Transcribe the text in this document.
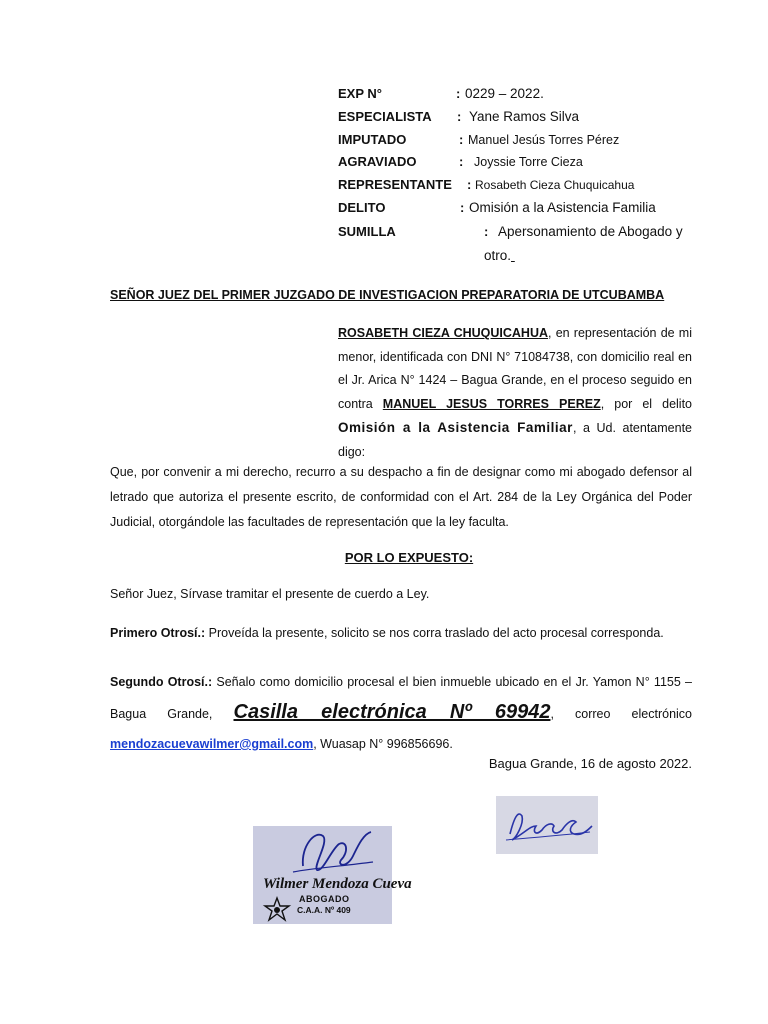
EXP N°	: 0229 – 2022.
ESPECIALISTA : Yane Ramos Silva
IMPUTADO	: Manuel Jesús Torres Pérez
AGRAVIADO	: Joyssie Torre Cieza
REPRESENTANTE : Rosabeth Cieza Chuquicahua
DELITO	: Omisión a la Asistencia Familia
SUMILLA	: Apersonamiento de Abogado y
otro.
SEÑOR JUEZ DEL PRIMER JUZGADO DE INVESTIGACION PREPARATORIA DE UTCUBAMBA
ROSABETH CIEZA CHUQUICAHUA, en representación de mi menor, identificada con DNI N° 71084738, con domicilio real en el Jr. Arica N° 1424 – Bagua Grande, en el proceso seguido en contra MANUEL JESUS TORRES PEREZ, por el delito Omisión a la Asistencia Familiar, a Ud. atentamente digo:
Que, por convenir a mi derecho, recurro a su despacho a fin de designar como mi abogado defensor al letrado que autoriza el presente escrito, de conformidad con el Art. 284 de la Ley Orgánica del Poder Judicial, otorgándole las facultades de representación que la ley faculta.
POR LO EXPUESTO:
Señor Juez, Sírvase tramitar el presente de cuerdo a Ley.
Primero Otrosí.: Proveída la presente, solicito se nos corra traslado del acto procesal corresponda.
Segundo Otrosí.: Señalo como domicilio procesal el bien inmueble ubicado en el Jr. Yamon N° 1155 – Bagua Grande, Casilla electrónica Nº 69942, correo electrónico mendozacuevawilmer@gmail.com, Wuasap N° 996856696.
Bagua Grande, 16 de agosto 2022.
Wilmer Mendoza Cueva
ABOGADO
C.A.A. Nº 409
